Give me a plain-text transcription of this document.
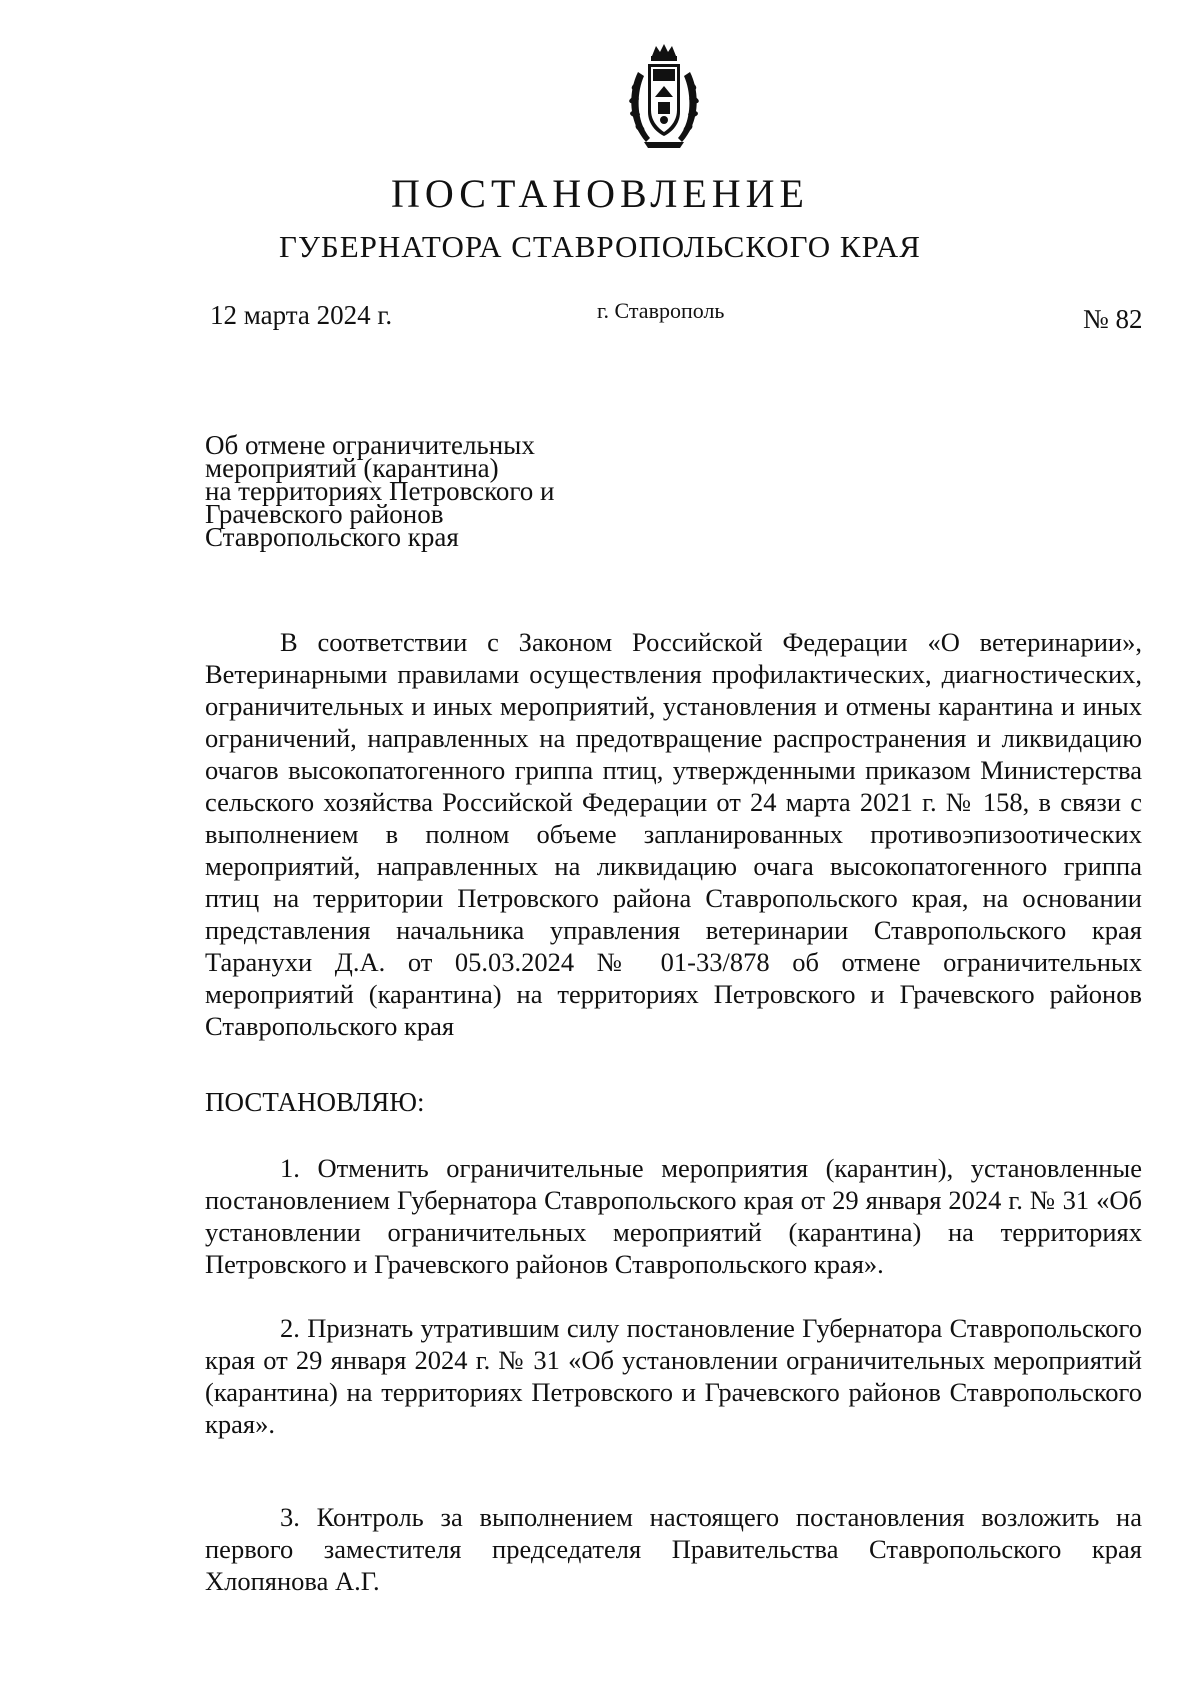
ПОСТАНОВЛЕНИЕ
ГУБЕРНАТОРА СТАВРОПОЛЬСКОГО КРАЯ
12 марта 2024 г.	г. Ставрополь	№ 82
Об отмене ограничительных
мероприятий (карантина)
на территориях Петровского и
Грачевского районов
Ставропольского края

В соответствии с Законом Российской Федерации «О ветеринарии», Ветеринарными правилами осуществления профилактических, диагностических, ограничительных и иных мероприятий, установления и отмены карантина и иных ограничений, направленных на предотвращение распространения и ликвидацию очагов высокопатогенного гриппа птиц, утвержденными приказом Министерства сельского хозяйства Российской Федерации от 24 марта 2021 г. № 158, в связи с выполнением в полном объеме запланированных противоэпизоотических мероприятий, направленных на ликвидацию очага высокопатогенного гриппа птиц на территории Петровского района Ставропольского края, на основании представления начальника управления ветеринарии Ставропольского края Таранухи Д.А. от 05.03.2024 № 01-33/878 об отмене ограничительных мероприятий (карантина) на территориях Петровского и Грачевского районов Ставропольского края

ПОСТАНОВЛЯЮ:

1. Отменить ограничительные мероприятия (карантин), установленные постановлением Губернатора Ставропольского края от 29 января 2024 г. № 31 «Об установлении ограничительных мероприятий (карантина) на территориях Петровского и Грачевского районов Ставропольского края».

2. Признать утратившим силу постановление Губернатора Ставропольского края от 29 января 2024 г. № 31 «Об установлении ограничительных мероприятий (карантина) на территориях Петровского и Грачевского районов Ставропольского края».

3. Контроль за выполнением настоящего постановления возложить на первого заместителя председателя Правительства Ставропольского края Хлопянова А.Г.
